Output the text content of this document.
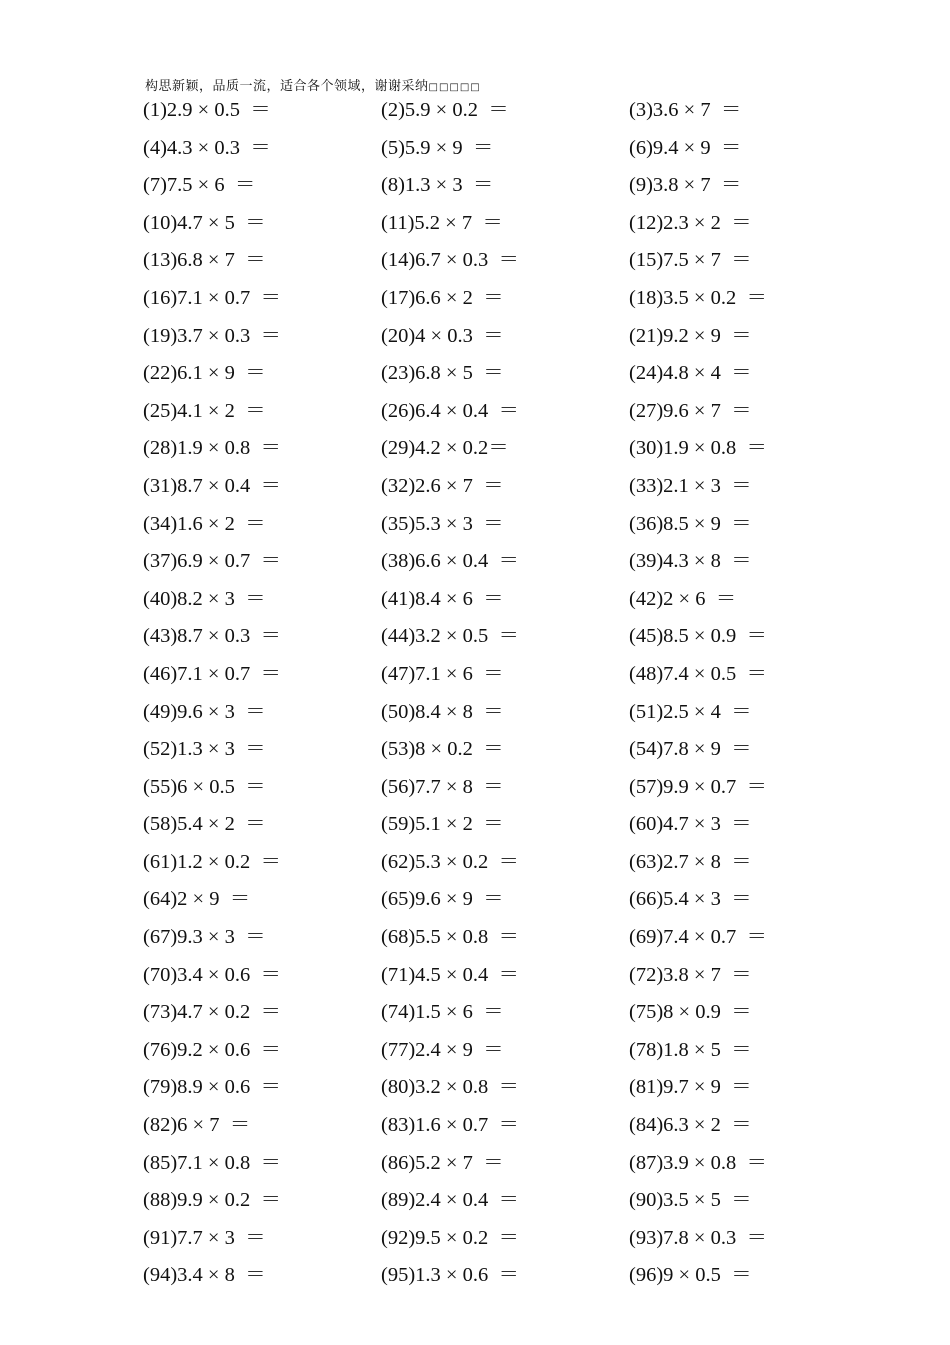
构思新颖，品质一流，适合各个领域，谢谢采纳□□□□□
(1)2.9 × 0.5  ＝	(2)5.9 × 0.2  ＝	(3)3.6 × 7  ＝
(4)4.3 × 0.3  ＝	(5)5.9 × 9  ＝	(6)9.4 × 9  ＝
(7)7.5 × 6  ＝	(8)1.3 × 3  ＝	(9)3.8 × 7  ＝
(10)4.7 × 5  ＝	(11)5.2 × 7  ＝	(12)2.3 × 2  ＝
(13)6.8 × 7  ＝	(14)6.7 × 0.3  ＝	(15)7.5 × 7  ＝
(16)7.1 × 0.7  ＝	(17)6.6 × 2  ＝	(18)3.5 × 0.2  ＝
(19)3.7 × 0.3  ＝	(20)4 × 0.3  ＝	(21)9.2 × 9  ＝
(22)6.1 × 9  ＝	(23)6.8 × 5  ＝	(24)4.8 × 4  ＝
(25)4.1 × 2  ＝	(26)6.4 × 0.4  ＝	(27)9.6 × 7  ＝
(28)1.9 × 0.8  ＝	(29)4.2 × 0.2＝	(30)1.9 × 0.8  ＝
(31)8.7 × 0.4  ＝	(32)2.6 × 7  ＝	(33)2.1 × 3  ＝
(34)1.6 × 2  ＝	(35)5.3 × 3  ＝	(36)8.5 × 9  ＝
(37)6.9 × 0.7  ＝	(38)6.6 × 0.4  ＝	(39)4.3 × 8  ＝
(40)8.2 × 3  ＝	(41)8.4 × 6  ＝	(42)2 × 6  ＝
(43)8.7 × 0.3  ＝	(44)3.2 × 0.5  ＝	(45)8.5 × 0.9  ＝
(46)7.1 × 0.7  ＝	(47)7.1 × 6  ＝	(48)7.4 × 0.5  ＝
(49)9.6 × 3  ＝	(50)8.4 × 8  ＝	(51)2.5 × 4  ＝
(52)1.3 × 3  ＝	(53)8 × 0.2  ＝	(54)7.8 × 9  ＝
(55)6 × 0.5  ＝	(56)7.7 × 8  ＝	(57)9.9 × 0.7  ＝
(58)5.4 × 2  ＝	(59)5.1 × 2  ＝	(60)4.7 × 3  ＝
(61)1.2 × 0.2  ＝	(62)5.3 × 0.2  ＝	(63)2.7 × 8  ＝
(64)2 × 9  ＝	(65)9.6 × 9  ＝	(66)5.4 × 3  ＝
(67)9.3 × 3  ＝	(68)5.5 × 0.8  ＝	(69)7.4 × 0.7  ＝
(70)3.4 × 0.6  ＝	(71)4.5 × 0.4  ＝	(72)3.8 × 7  ＝
(73)4.7 × 0.2  ＝	(74)1.5 × 6  ＝	(75)8 × 0.9  ＝
(76)9.2 × 0.6  ＝	(77)2.4 × 9  ＝	(78)1.8 × 5  ＝
(79)8.9 × 0.6  ＝	(80)3.2 × 0.8  ＝	(81)9.7 × 9  ＝
(82)6 × 7  ＝	(83)1.6 × 0.7  ＝	(84)6.3 × 2  ＝
(85)7.1 × 0.8  ＝	(86)5.2 × 7  ＝	(87)3.9 × 0.8  ＝
(88)9.9 × 0.2  ＝	(89)2.4 × 0.4  ＝	(90)3.5 × 5  ＝
(91)7.7 × 3  ＝	(92)9.5 × 0.2  ＝	(93)7.8 × 0.3  ＝
(94)3.4 × 8  ＝	(95)1.3 × 0.6  ＝	(96)9 × 0.5  ＝
